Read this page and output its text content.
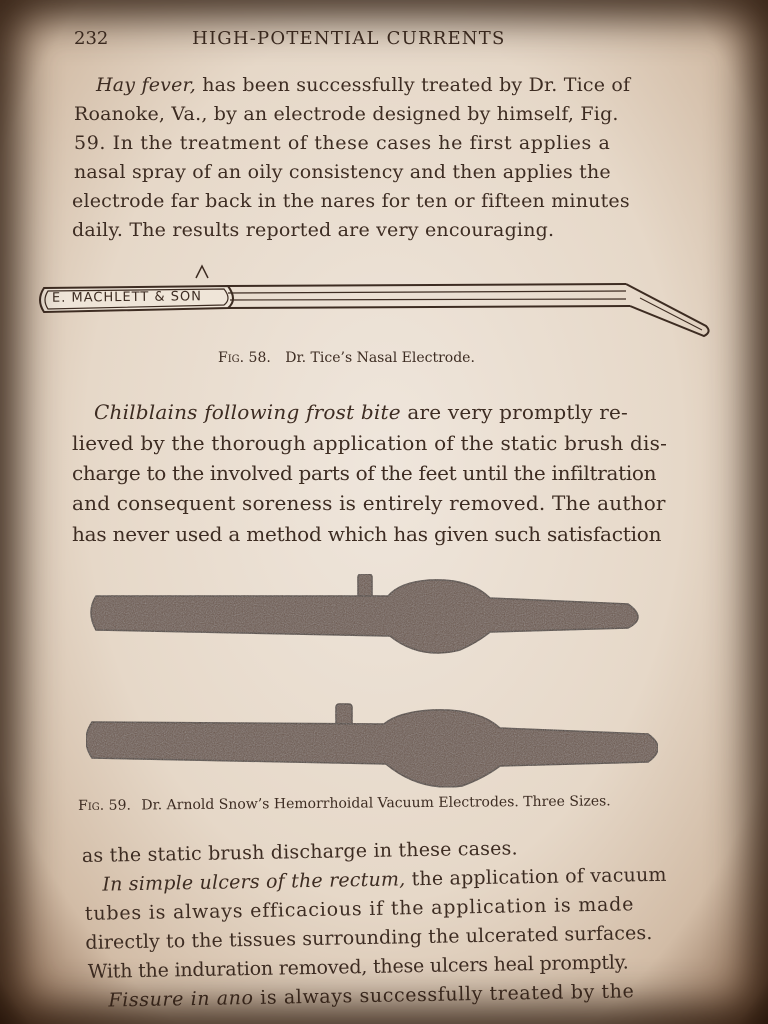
232	HIGH-POTENTIAL CURRENTS
Hay fever, has been successfully treated by Dr. Tice of
Roanoke, Va., by an electrode designed by himself, Fig.
59. In the treatment of these cases he first applies a
nasal spray of an oily consistency and then applies the
electrode far back in the nares for ten or fifteen minutes
daily. The results reported are very encouraging.
E. MACHLETT & SON
Fig. 58. Dr. Tice’s Nasal Electrode.
Chilblains following frost bite are very promptly re-
lieved by the thorough application of the static brush dis-
charge to the involved parts of the feet until the infiltration
and consequent soreness is entirely removed. The author
has never used a method which has given such satisfaction
Fig. 59. Dr. Arnold Snow’s Hemorrhoidal Vacuum Electrodes. Three Sizes.
as the static brush discharge in these cases.
In simple ulcers of the rectum, the application of vacuum
tubes is always efficacious if the application is made
directly to the tissues surrounding the ulcerated surfaces.
With the induration removed, these ulcers heal promptly.
Fissure in ano is always successfully treated by the
